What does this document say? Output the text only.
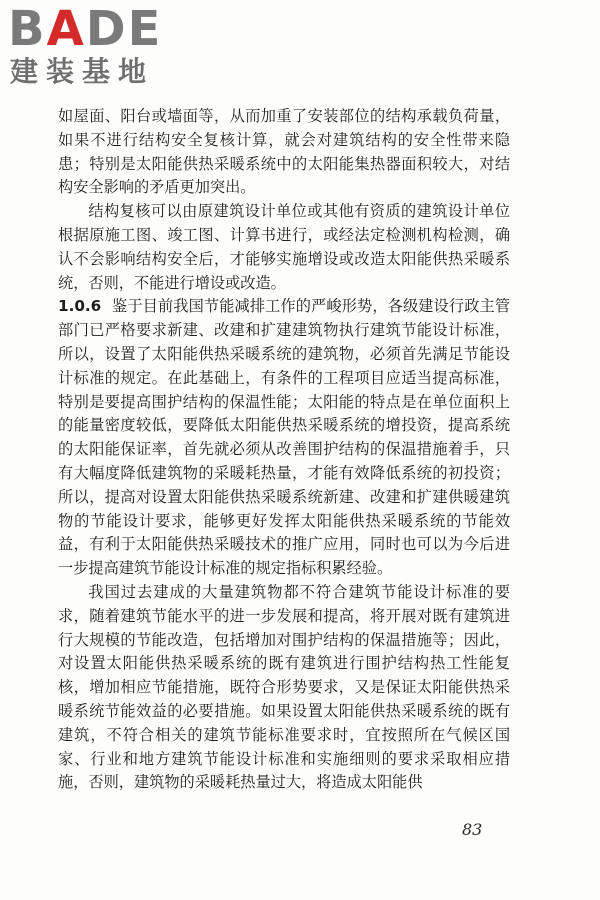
BADE
建装基地

如屋面、阳台或墙面等，从而加重了安装部位的结构承载负荷量，如果不进行结构安全复核计算，就会对建筑结构的安全性带来隐患；特别是太阳能供热采暖系统中的太阳能集热器面积较大，对结构安全影响的矛盾更加突出。

结构复核可以由原建筑设计单位或其他有资质的建筑设计单位根据原施工图、竣工图、计算书进行，或经法定检测机构检测，确认不会影响结构安全后，才能够实施增设或改造太阳能供热采暖系统，否则，不能进行增设或改造。

1.0.6 鉴于目前我国节能减排工作的严峻形势，各级建设行政主管部门已严格要求新建、改建和扩建建筑物执行建筑节能设计标准，所以，设置了太阳能供热采暖系统的建筑物，必须首先满足节能设计标准的规定。在此基础上，有条件的工程项目应适当提高标准，特别是要提高围护结构的保温性能；太阳能的特点是在单位面积上的能量密度较低，要降低太阳能供热采暖系统的增投资，提高系统的太阳能保证率，首先就必须从改善围护结构的保温措施着手，只有大幅度降低建筑物的采暖耗热量，才能有效降低系统的初投资；所以，提高对设置太阳能供热采暖系统新建、改建和扩建供暖建筑物的节能设计要求，能够更好发挥太阳能供热采暖系统的节能效益，有利于太阳能供热采暖技术的推广应用，同时也可以为今后进一步提高建筑节能设计标准的规定指标积累经验。

我国过去建成的大量建筑物都不符合建筑节能设计标准的要求，随着建筑节能水平的进一步发展和提高，将开展对既有建筑进行大规模的节能改造，包括增加对围护结构的保温措施等；因此，对设置太阳能供热采暖系统的既有建筑进行围护结构热工性能复核，增加相应节能措施，既符合形势要求，又是保证太阳能供热采暖系统节能效益的必要措施。如果设置太阳能供热采暖系统的既有建筑，不符合相关的建筑节能标准要求时，宜按照所在气候区国家、行业和地方建筑节能设计标准和实施细则的要求采取相应措施，否则，建筑物的采暖耗热量过大，将造成太阳能供

83
